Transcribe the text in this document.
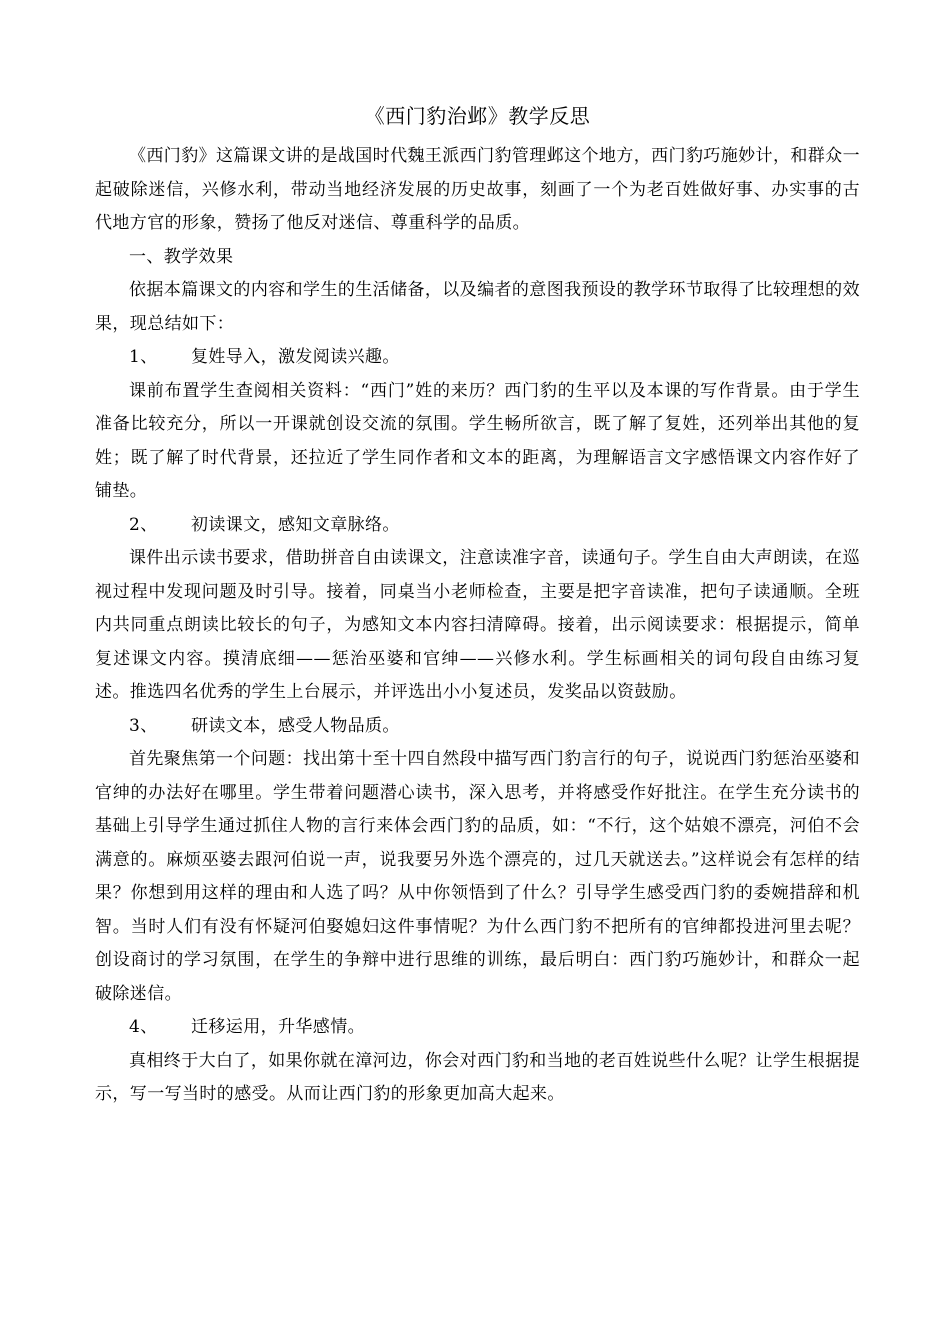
《西门豹治邺》教学反思

《西门豹》这篇课文讲的是战国时代魏王派西门豹管理邺这个地方，西门豹巧施妙计，和群众一起破除迷信，兴修水利，带动当地经济发展的历史故事，刻画了一个为老百姓做好事、办实事的古代地方官的形象，赞扬了他反对迷信、尊重科学的品质。

一、教学效果

依据本篇课文的内容和学生的生活储备，以及编者的意图我预设的教学环节取得了比较理想的效果，现总结如下：

1、 复姓导入，激发阅读兴趣。

课前布置学生查阅相关资料：“西门”姓的来历？西门豹的生平以及本课的写作背景。由于学生准备比较充分，所以一开课就创设交流的氛围。学生畅所欲言，既了解了复姓，还列举出其他的复姓；既了解了时代背景，还拉近了学生同作者和文本的距离，为理解语言文字感悟课文内容作好了铺垫。

2、 初读课文，感知文章脉络。

课件出示读书要求，借助拼音自由读课文，注意读准字音，读通句子。学生自由大声朗读，在巡视过程中发现问题及时引导。接着，同桌当小老师检查，主要是把字音读准，把句子读通顺。全班内共同重点朗读比较长的句子，为感知文本内容扫清障碍。接着，出示阅读要求：根据提示，简单复述课文内容。摸清底细——惩治巫婆和官绅——兴修水利。学生标画相关的词句段自由练习复述。推选四名优秀的学生上台展示，并评选出小小复述员，发奖品以资鼓励。

3、 研读文本，感受人物品质。

首先聚焦第一个问题：找出第十至十四自然段中描写西门豹言行的句子，说说西门豹惩治巫婆和官绅的办法好在哪里。学生带着问题潜心读书，深入思考，并将感受作好批注。在学生充分读书的基础上引导学生通过抓住人物的言行来体会西门豹的品质，如：“不行，这个姑娘不漂亮，河伯不会满意的。麻烦巫婆去跟河伯说一声，说我要另外选个漂亮的，过几天就送去。”这样说会有怎样的结果？你想到用这样的理由和人选了吗？从中你领悟到了什么？引导学生感受西门豹的委婉措辞和机智。当时人们有没有怀疑河伯娶媳妇这件事情呢？为什么西门豹不把所有的官绅都投进河里去呢？创设商讨的学习氛围，在学生的争辩中进行思维的训练，最后明白：西门豹巧施妙计，和群众一起破除迷信。

4、 迁移运用，升华感情。

真相终于大白了，如果你就在漳河边，你会对西门豹和当地的老百姓说些什么呢？让学生根据提示，写一写当时的感受。从而让西门豹的形象更加高大起来。
